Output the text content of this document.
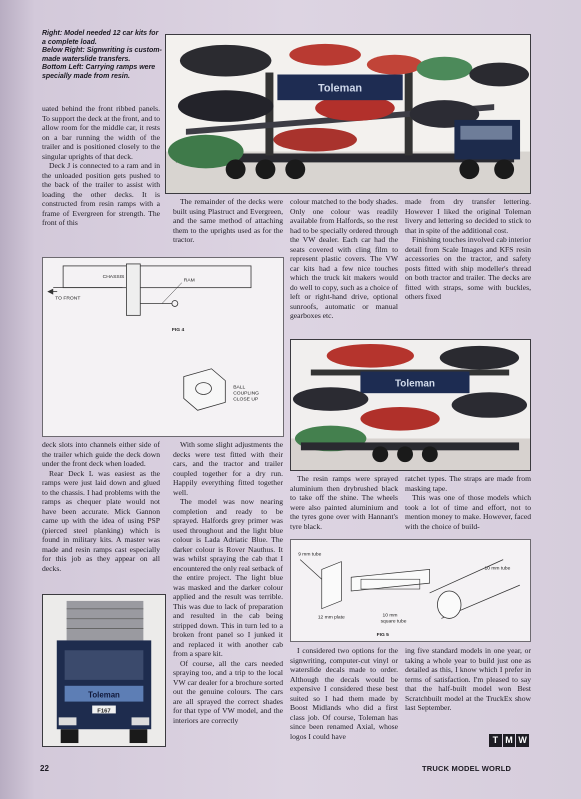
Right: Model needed 12 car kits for a complete load.
Below Right: Signwriting is custom-made waterslide transfers.
Bottom Left: Carrying ramps were specially made from resin.
Toleman

uated behind the front ribbed panels. To support the deck at the front, and to allow room for the middle car, it rests on a bar running the width of the trailer and is positioned closely to the singular uprights of that deck.

Deck J is connected to a ram and in the unloaded position gets pushed to the back of the trailer to assist with loading the other decks. It is constructed from resin ramps with a frame of Evergreen for strength. The front of this

The remainder of the decks were built using Plastruct and Evergreen, and the same method of attaching them to the uprights used as for the tractor.

colour matched to the body shades. Only one colour was readily available from Halfords, so the rest had to be specially ordered through the VW dealer. Each car had the seats covered with cling film to represent plastic covers. The VW car kits had a few nice touches which the truck kit makers would do well to copy, such as a choice of left or right-hand drive, optional sunroofs, automatic or manual gearboxes etc.

made from dry transfer lettering. However I liked the original Toleman livery and lettering so decided to stick to that in spite of the additional cost.

Finishing touches involved cab interior detail from Scale Images and KFS resin accessories on the tractor, and safety posts fitted with ship modeller's thread on both tractor and trailer. The decks are fitted with straps, some with buckles, others fixed

CHASSIS
RAM
TO FRONT
FIG 4
BALL
COUPLING
CLOSE UP
Toleman

deck slots into channels either side of the trailer which guide the deck down under the front deck when loaded.

Rear Deck L was easiest as the ramps were just laid down and glued to the chassis. I had problems with the ramps as chequer plate would not have been accurate. Mick Gannon came up with the idea of using PSP (pierced steel planking) which is found in military kits. A master was made and resin ramps cast especially for this job as they appear on all decks.

With some slight adjustments the decks were test fitted with their cars, and the tractor and trailer coupled together for a dry run. Happily everything fitted together well.

The model was now nearing completion and ready to be sprayed. Halfords grey primer was used throughout and the light blue colour is Lada Adriatic Blue. The darker colour is Rover Nauthus. It was whilst spraying the cab that I encountered the only real setback of the entire project. The light blue was masked and the darker colour applied and the result was terrible. This was due to lack of preparation and resulted in the cab being stripped down. This in turn led to a broken front panel so I junked it and replaced it with another cab from a spare kit.

Of course, all the cars needed spraying too, and a trip to the local VW car dealer for a brochure sorted out the genuine colours. The cars are all sprayed the correct shades for that type of VW model, and the interiors are correctly

The resin ramps were sprayed aluminium then drybrushed black to take off the shine. The wheels were also painted aluminium and the tyres gone over with Hannant's tyre black.

ratchet types. The straps are made from masking tape.

This was one of those models which took a lot of time and effort, not to mention money to make. However, faced with the choice of build-

9 mm tube
10 mm tube
12 mm plate	10 mm
square tube
FIG 5
Toleman
F167

I considered two options for the signwriting, computer-cut vinyl or waterslide decals made to order. Although the decals would be expensive I considered these best suited so I had them made by Boost Midlands who did a first class job. Of course, Toleman has since been renamed Axial, whose logos I could have

ing five standard models in one year, or taking a whole year to build just one as detailed as this, I know which I prefer in terms of satisfaction. I'm pleased to say that the half-built model won Best Scratchbuilt model at the TruckEx show last September.

T M W
22	TRUCK MODEL WORLD
